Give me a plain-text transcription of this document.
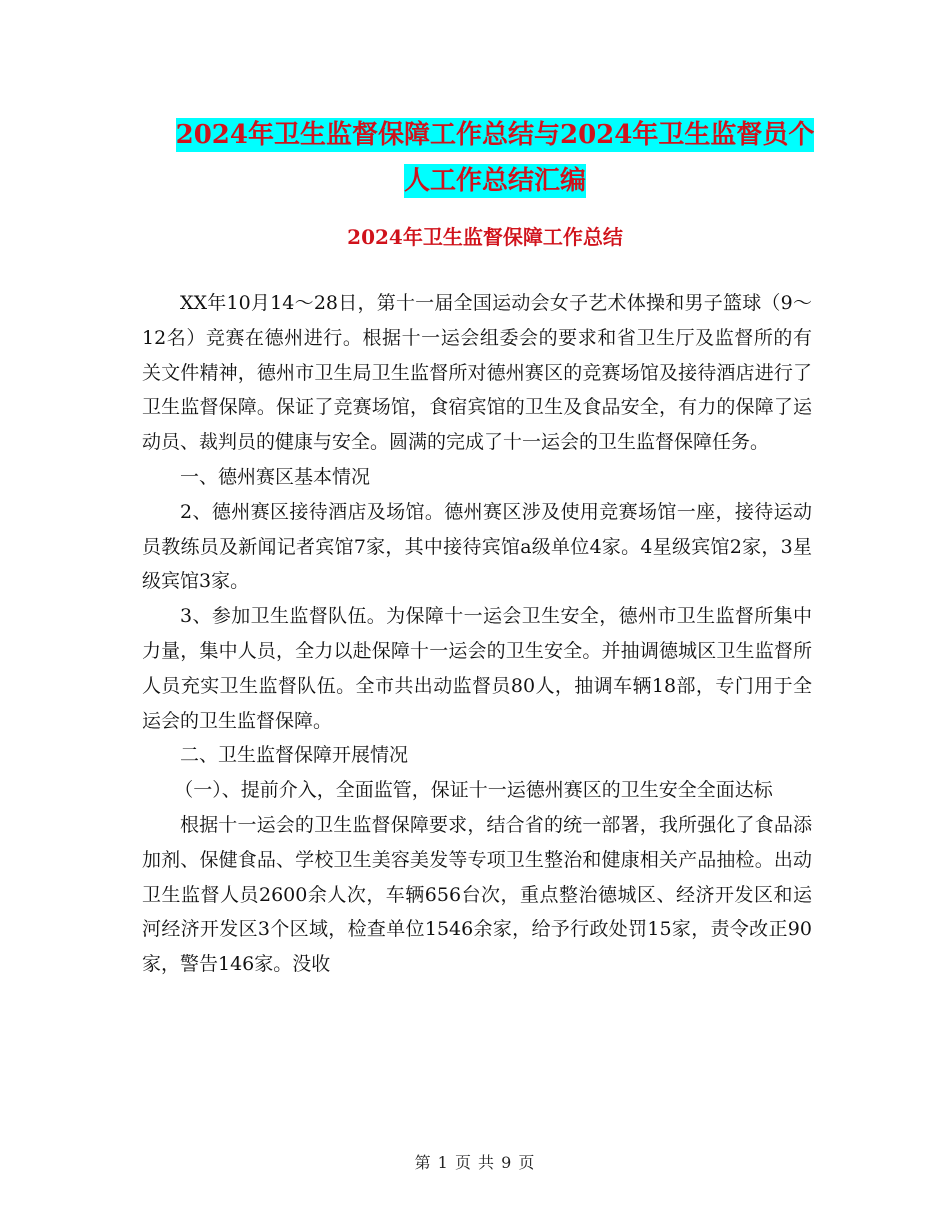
2024年卫生监督保障工作总结与2024年卫生监督员个
人工作总结汇编
2024年卫生监督保障工作总结

XX年10月14～28日，第十一届全国运动会女子艺术体操和男子篮球（9～12名）竞赛在德州进行。根据十一运会组委会的要求和省卫生厅及监督所的有关文件精神，德州市卫生局卫生监督所对德州赛区的竞赛场馆及接待酒店进行了卫生监督保障。保证了竞赛场馆，食宿宾馆的卫生及食品安全，有力的保障了运动员、裁判员的健康与安全。圆满的完成了十一运会的卫生监督保障任务。

一、德州赛区基本情况

2、德州赛区接待酒店及场馆。德州赛区涉及使用竞赛场馆一座，接待运动员教练员及新闻记者宾馆7家，其中接待宾馆a级单位4家。4星级宾馆2家，3星级宾馆3家。

3、参加卫生监督队伍。为保障十一运会卫生安全，德州市卫生监督所集中力量，集中人员，全力以赴保障十一运会的卫生安全。并抽调德城区卫生监督所人员充实卫生监督队伍。全市共出动监督员80人，抽调车辆18部，专门用于全运会的卫生监督保障。

二、卫生监督保障开展情况

（一）、提前介入，全面监管，保证十一运德州赛区的卫生安全全面达标

根据十一运会的卫生监督保障要求，结合省的统一部署，我所强化了食品添加剂、保健食品、学校卫生美容美发等专项卫生整治和健康相关产品抽检。出动卫生监督人员2600余人次，车辆656台次，重点整治德城区、经济开发区和运河经济开发区3个区域，检查单位1546余家，给予行政处罚15家，责令改正90家，警告146家。没收

第 1 页 共 9 页
